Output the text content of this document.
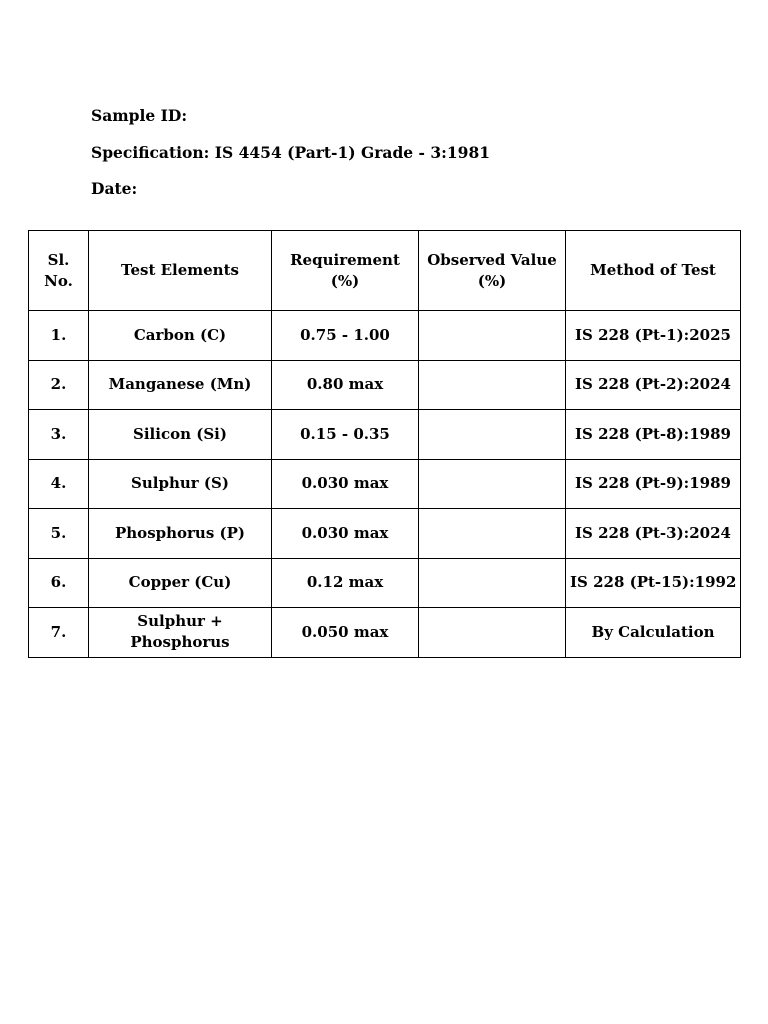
Sample ID:
Specification: IS 4454 (Part-1) Grade - 3:1981
Date:
Sl. No.	Test Elements	Requirement (%)	Observed Value (%)	Method of Test
1.	Carbon (C)	0.75 - 1.00		IS 228 (Pt-1):2025
2.	Manganese (Mn)	0.80 max		IS 228 (Pt-2):2024
3.	Silicon (Si)	0.15 - 0.35		IS 228 (Pt-8):1989
4.	Sulphur (S)	0.030 max		IS 228 (Pt-9):1989
5.	Phosphorus (P)	0.030 max		IS 228 (Pt-3):2024
6.	Copper (Cu)	0.12 max		IS 228 (Pt-15):1992
7.	Sulphur + Phosphorus	0.050 max		By Calculation
